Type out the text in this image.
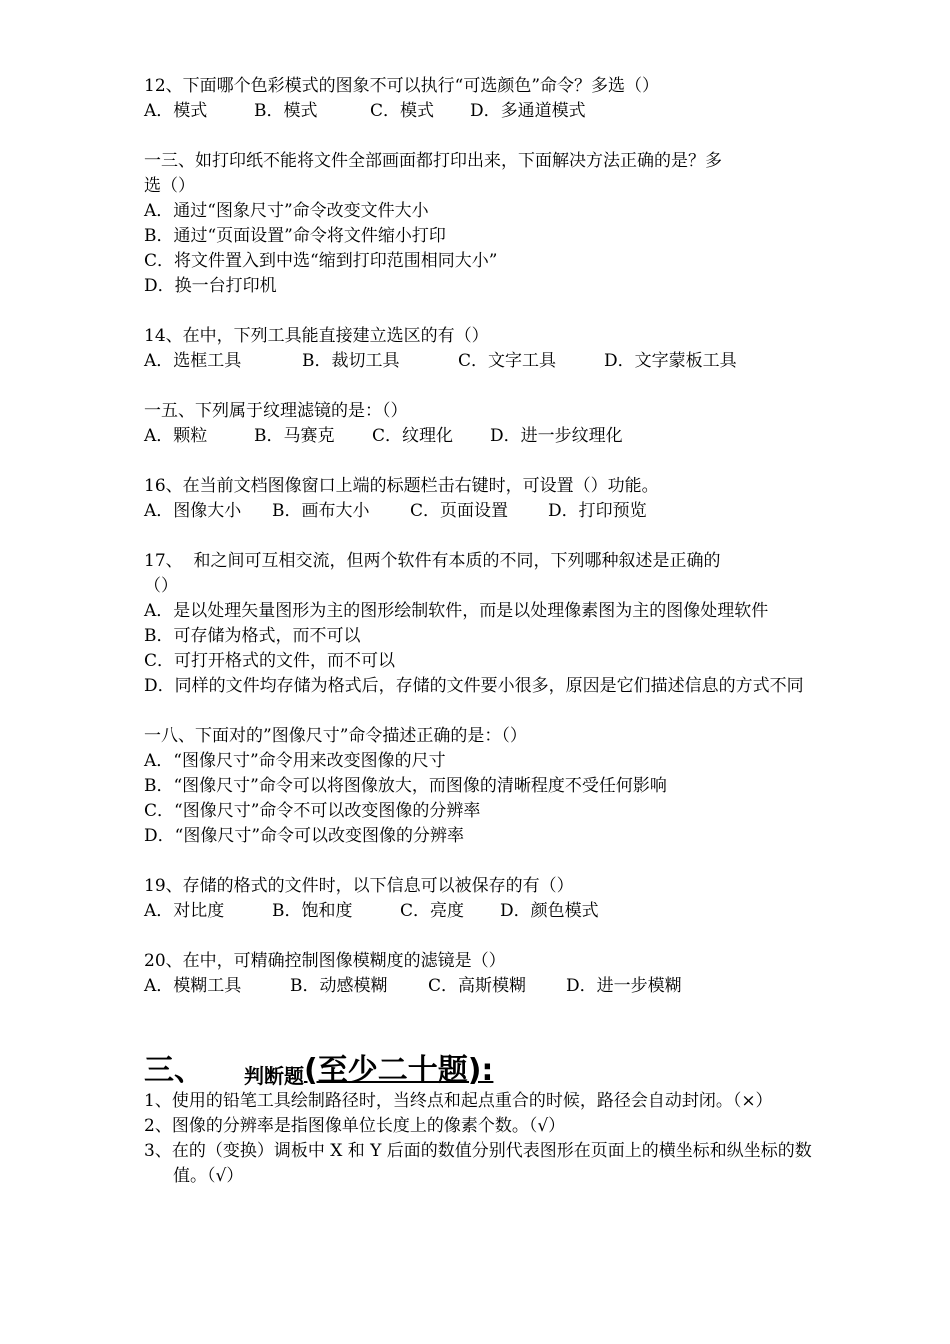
12、下面哪个色彩模式的图象不可以执行“可选颜色”命令？多选（）
A．模式	B．模式	C．模式	D．多通道模式
一三、如打印纸不能将文件全部画面都打印出来，下面解决方法正确的是？多
选（）
A．通过“图象尺寸”命令改变文件大小
B．通过“页面设置”命令将文件缩小打印
C．将文件置入到中选“缩到打印范围相同大小”
D．换一台打印机
14、在中，下列工具能直接建立选区的有（）
A．选框工具	B．裁切工具	C．文字工具	D．文字蒙板工具
一五、下列属于纹理滤镜的是：（）
A．颗粒	B．马赛克	C．纹理化	D．进一步纹理化
16、在当前文档图像窗口上端的标题栏击右键时，可设置（）功能。
A．图像大小	B．画布大小	C．页面设置	D．打印预览
17、  和之间可互相交流，但两个软件有本质的不同，下列哪种叙述是正确的
（）
A．是以处理矢量图形为主的图形绘制软件，而是以处理像素图为主的图像处理软件
B．可存储为格式，而不可以
C．可打开格式的文件，而不可以
D．同样的文件均存储为格式后，存储的文件要小很多，原因是它们描述信息的方式不同
一八、下面对的”图像尺寸”命令描述正确的是：（）
A．“图像尺寸”命令用来改变图像的尺寸
B．“图像尺寸”命令可以将图像放大，而图像的清晰程度不受任何影响
C．“图像尺寸”命令不可以改变图像的分辨率
D．“图像尺寸”命令可以改变图像的分辨率
19、存储的格式的文件时，以下信息可以被保存的有（）
A．对比度	B．饱和度	C．亮度	D．颜色模式
20、在中，可精确控制图像模糊度的滤镜是（）
A．模糊工具	B．动感模糊	C．高斯模糊	D．进一步模糊
三、	判断题 (至少二十题):
1、使用的铅笔工具绘制路径时，当终点和起点重合的时候，路径会自动封闭。（×）
2、图像的分辨率是指图像单位长度上的像素个数。（√）
3、在的（变换）调板中 X 和 Y 后面的数值分别代表图形在页面上的横坐标和纵坐标的数值。（√）
